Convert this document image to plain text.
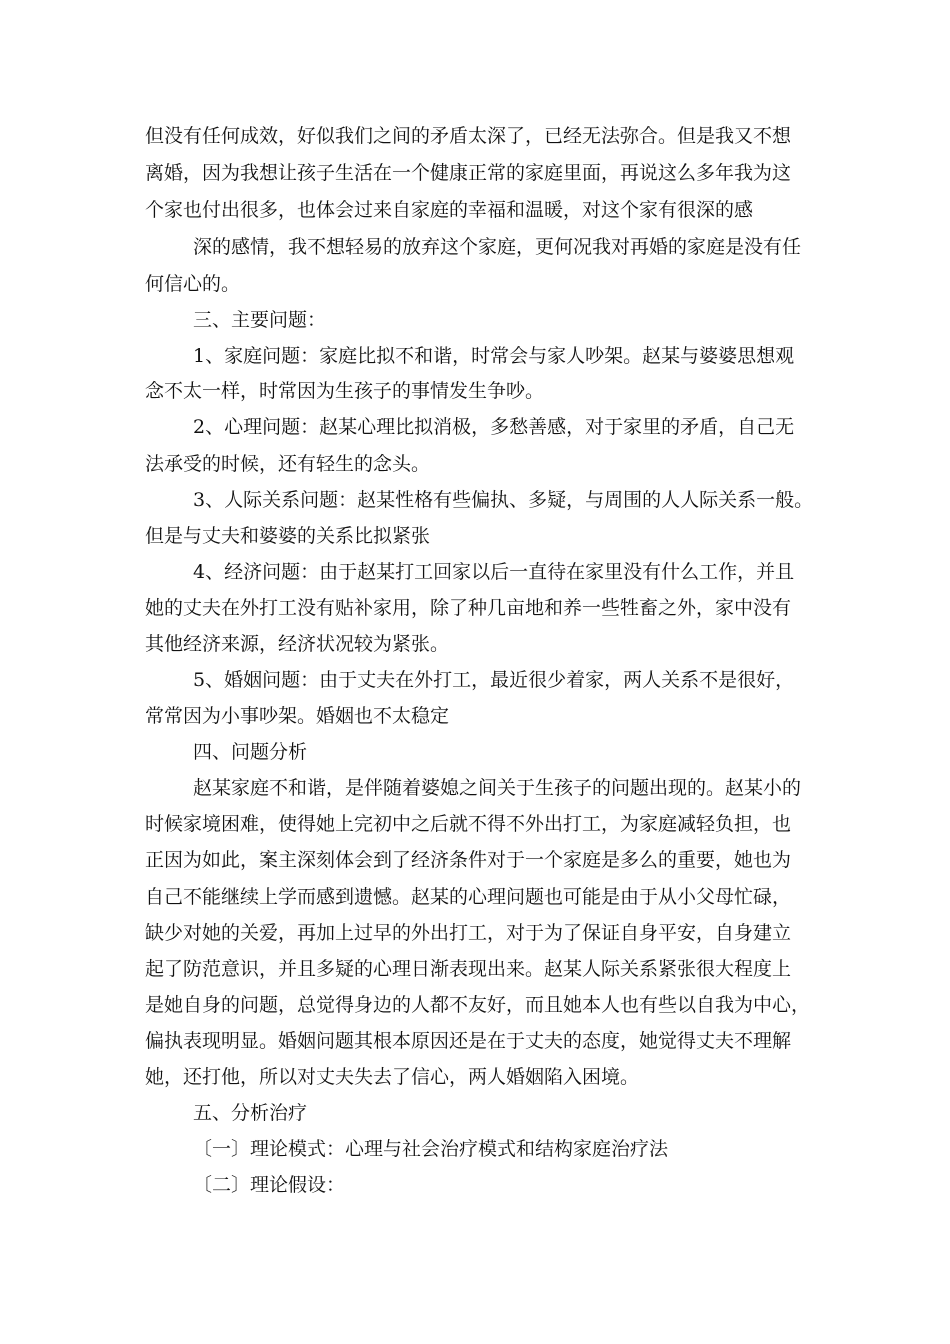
但没有任何成效，好似我们之间的矛盾太深了，已经无法弥合。但是我又不想
离婚，因为我想让孩子生活在一个健康正常的家庭里面，再说这么多年我为这
个家也付出很多，也体会过来自家庭的幸福和温暖，对这个家有很深的感
深的感情，我不想轻易的放弃这个家庭，更何况我对再婚的家庭是没有任
何信心的。
三、主要问题：
1、家庭问题：家庭比拟不和谐，时常会与家人吵架。赵某与婆婆思想观
念不太一样，时常因为生孩子的事情发生争吵。
2、心理问题：赵某心理比拟消极，多愁善感，对于家里的矛盾，自己无
法承受的时候，还有轻生的念头。
3、人际关系问题：赵某性格有些偏执、多疑，与周围的人人际关系一般。
但是与丈夫和婆婆的关系比拟紧张
4、经济问题：由于赵某打工回家以后一直待在家里没有什么工作，并且
她的丈夫在外打工没有贴补家用，除了种几亩地和养一些牲畜之外，家中没有
其他经济来源，经济状况较为紧张。
5、婚姻问题：由于丈夫在外打工，最近很少着家，两人关系不是很好，
常常因为小事吵架。婚姻也不太稳定
四、问题分析
赵某家庭不和谐，是伴随着婆媳之间关于生孩子的问题出现的。赵某小的
时候家境困难，使得她上完初中之后就不得不外出打工，为家庭减轻负担，也
正因为如此，案主深刻体会到了经济条件对于一个家庭是多么的重要，她也为
自己不能继续上学而感到遗憾。赵某的心理问题也可能是由于从小父母忙碌，
缺少对她的关爱，再加上过早的外出打工，对于为了保证自身平安，自身建立
起了防范意识，并且多疑的心理日渐表现出来。赵某人际关系紧张很大程度上
是她自身的问题，总觉得身边的人都不友好，而且她本人也有些以自我为中心，
偏执表现明显。婚姻问题其根本原因还是在于丈夫的态度，她觉得丈夫不理解
她，还打他，所以对丈夫失去了信心，两人婚姻陷入困境。
五、分析治疗
〔一〕理论模式：心理与社会治疗模式和结构家庭治疗法
〔二〕理论假设：
